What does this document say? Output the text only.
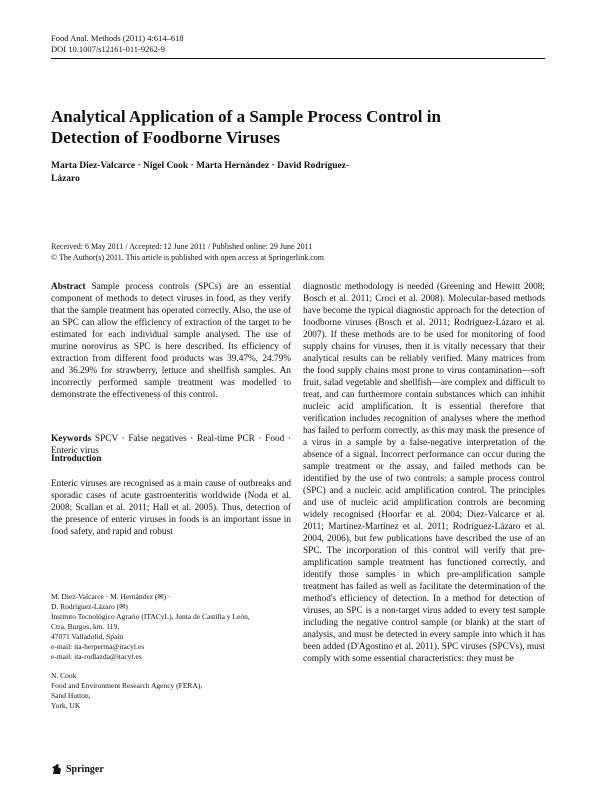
Food Anal. Methods (2011) 4:614–618
DOI 10.1007/s12161-011-9262-9
Analytical Application of a Sample Process Control in Detection of Foodborne Viruses
Marta Diez-Valcarce · Nigel Cook · Marta Hernández · David Rodríguez-Lázaro
Received: 6 May 2011 / Accepted: 12 June 2011 / Published online: 29 June 2011
© The Author(s) 2011. This article is published with open access at Springerlink.com
Abstract Sample process controls (SPCs) are an essential component of methods to detect viruses in food, as they verify that the sample treatment has operated correctly. Also, the use of an SPC can allow the efficiency of extraction of the target to be estimated for each individual sample analysed. The use of murine norovirus as SPC is here described. Its efficiency of extraction from different food products was 39.47%, 24.79% and 36.29% for strawberry, lettuce and shellfish samples. An incorrectly performed sample treatment was modelled to demonstrate the effectiveness of this control.
Keywords SPCV · False negatives · Real-time PCR · Food · Enteric virus
Introduction
Enteric viruses are recognised as a main cause of outbreaks and sporadic cases of acute gastroenteritis worldwide (Noda et al. 2008; Scallan et al. 2011; Hall et al. 2005). Thus, detection of the presence of enteric viruses in foods is an important issue in food safety, and rapid and robust
M. Diez-Valcarce · M. Hernández (✉) ·
D. Rodríguez-Lázaro (✉)
Instituto Tecnológico Agrario (ITACyL), Junta de Castilla y León,
Ctra. Burgos, km. 119,
47071 Valladolid, Spain
e-mail: ita-herperma@itacyl.es
e-mail: ita-rodlazda@itacyl.es
N. Cook
Food and Environment Research Agency (FERA),
Sand Hutton,
York, UK
diagnostic methodology is needed (Greening and Hewitt 2008; Bosch et al. 2011; Croci et al. 2008). Molecular-based methods have become the typical diagnostic approach for the detection of foodborne viruses (Bosch et al. 2011; Rodríguez-Lázaro et al. 2007). If these methods are to be used for monitoring of food supply chains for viruses, then it is vitally necessary that their analytical results can be reliably verified. Many matrices from the food supply chains most prone to virus contamination—soft fruit, salad vegetable and shellfish—are complex and difficult to treat, and can furthermore contain substances which can inhibit nucleic acid amplification. It is essential therefore that verification includes recognition of analyses where the method has failed to perform correctly, as this may mask the presence of a virus in a sample by a false-negative interpretation of the absence of a signal. Incorrect performance can occur during the sample treatment or the assay, and failed methods can be identified by the use of two controls: a sample process control (SPC) and a nucleic acid amplification control. The principles and use of nucleic acid amplification controls are becoming widely recognised (Hoorfar et al. 2004; Diez-Valcarce et al. 2011; Martínez-Martínez et al. 2011; Rodríguez-Lázaro et al. 2004, 2006), but few publications have described the use of an SPC. The incorporation of this control will verify that pre-amplification sample treatment has functioned correctly, and identify those samples in which pre-amplification sample treatment has failed as well as facilitate the determination of the method's efficiency of detection. In a method for detection of viruses, an SPC is a non-target virus added to every test sample including the negative control sample (or blank) at the start of analysis, and must be detected in every sample into which it has been added (D'Agostino et al. 2011). SPC viruses (SPCVs), must comply with some essential characteristics: they must be
Springer
